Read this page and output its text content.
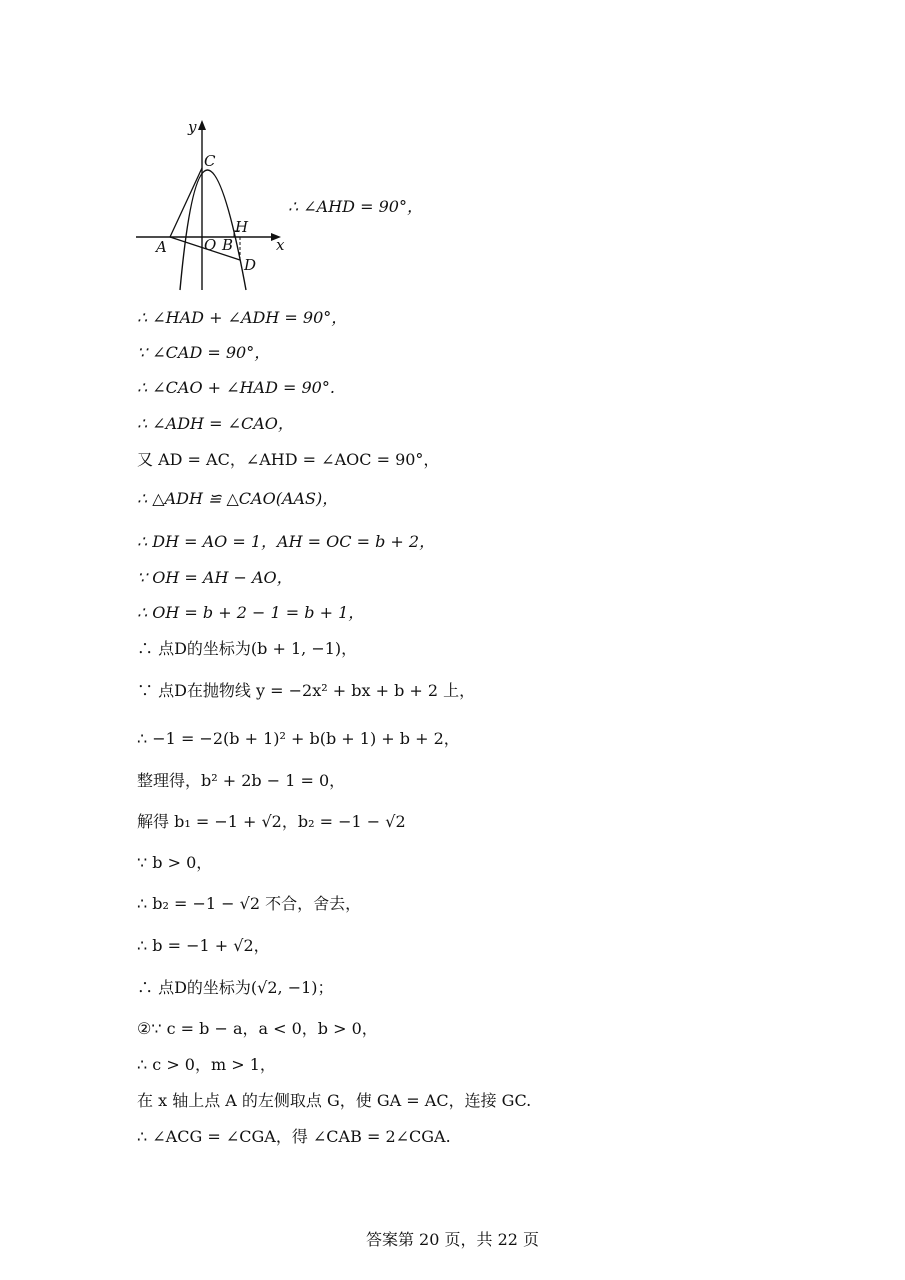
y
x
C
H
A O B
D
∴ ∠AHD = 90°，
∴ ∠HAD + ∠ADH = 90°，
∵ ∠CAD = 90°，
∴ ∠CAO + ∠HAD = 90°.
∴ ∠ADH = ∠CAO，
又 AD = AC，∠AHD = ∠AOC = 90°，
∴ △ADH ≌ △CAO(AAS)，
∴ DH = AO = 1，AH = OC = b + 2，
∵ OH = AH − AO，
∴ OH = b + 2 − 1 = b + 1，
∴ 点D的坐标为(b + 1, −1)，
∵ 点D在抛物线 y = −2x² + bx + b + 2 上，
∴ −1 = −2(b + 1)² + b(b + 1) + b + 2，
整理得，b² + 2b − 1 = 0，
解得 b₁ = −1 + √2，b₂ = −1 − √2
∵ b > 0，
∴ b₂ = −1 − √2 不合，舍去，
∴ b = −1 + √2，
∴ 点D的坐标为(√2, −1)；
②∵ c = b − a，a < 0，b > 0，
∴ c > 0，m > 1，
在 x 轴上点 A 的左侧取点 G，使 GA = AC，连接 GC.
∴ ∠ACG = ∠CGA，得 ∠CAB = 2∠CGA.
答案第 20 页，共 22 页
